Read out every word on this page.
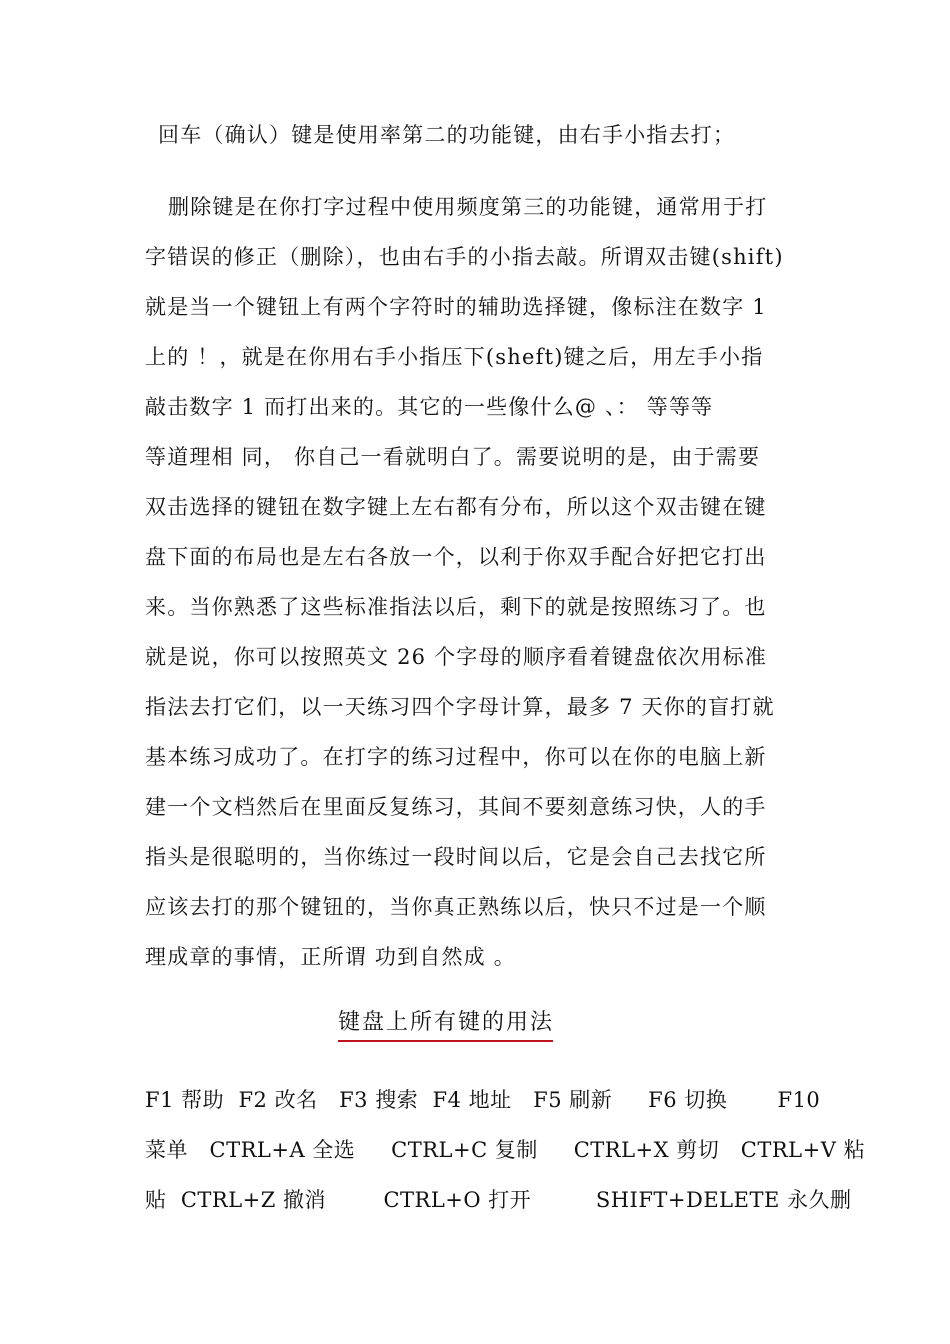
回车（确认）键是使用率第二的功能键，由右手小指去打；
删除键是在你打字过程中使用频度第三的功能键，通常用于打
字错误的修正（删除），也由右手的小指去敲。所谓双击键(shift)
就是当一个键钮上有两个字符时的辅助选择键，像标注在数字 1
上的 ！，就是在你用右手小指压下(sheft)键之后，用左手小指
敲击数字 1 而打出来的。其它的一些像什么@ 、： 等等等
等道理相 同， 你自己一看就明白了。需要说明的是，由于需要
双击选择的键钮在数字键上左右都有分布，所以这个双击键在键
盘下面的布局也是左右各放一个，以利于你双手配合好把它打出
来。当你熟悉了这些标准指法以后，剩下的就是按照练习了。也
就是说，你可以按照英文 26 个字母的顺序看着键盘依次用标准
指法去打它们，以一天练习四个字母计算，最多 7 天你的盲打就
基本练习成功了。在打字的练习过程中，你可以在你的电脑上新
建一个文档然后在里面反复练习，其间不要刻意练习快，人的手
指头是很聪明的，当你练过一段时间以后，它是会自己去找它所
应该去打的那个键钮的，当你真正熟练以后，快只不过是一个顺
理成章的事情，正所谓 功到自然成 。
键盘上所有键的用法
F1 帮助  F2 改名   F3 搜索  F4 地址   F5 刷新     F6 切换       F10
菜单   CTRL+A 全选     CTRL+C 复制     CTRL+X 剪切   CTRL+V 粘
贴  CTRL+Z 撤消        CTRL+O 打开         SHIFT+DELETE 永久删
